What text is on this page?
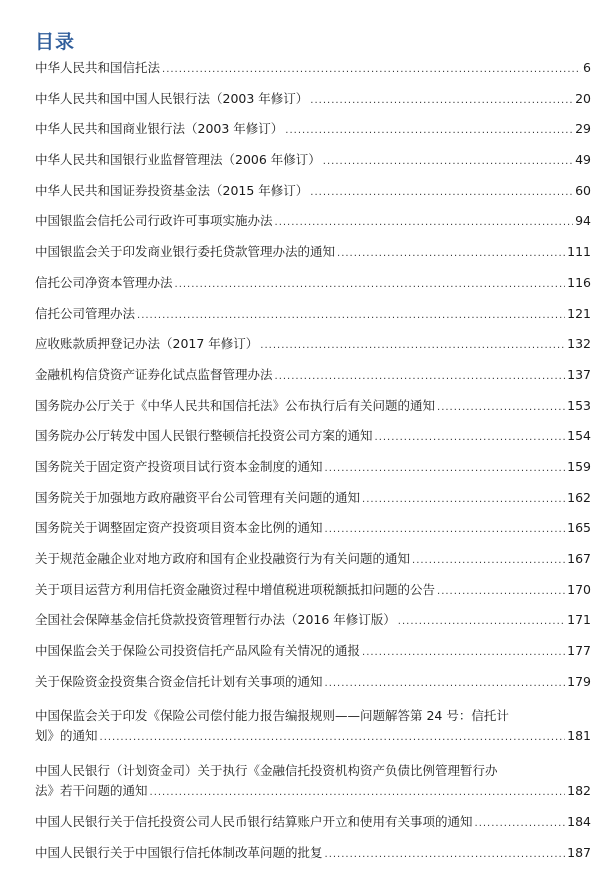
目录
中华人民共和国信托法 .....	6
中华人民共和国中国人民银行法（2003 年修订） .....	20
中华人民共和国商业银行法（2003 年修订） .....	29
中华人民共和国银行业监督管理法（2006 年修订） .....	49
中华人民共和国证券投资基金法（2015 年修订） .....	60
中国银监会信托公司行政许可事项实施办法 .....	94
中国银监会关于印发商业银行委托贷款管理办法的通知 .....	111
信托公司净资本管理办法 .....	116
信托公司管理办法 .....	121
应收账款质押登记办法（2017 年修订） .....	132
金融机构信贷资产证券化试点监督管理办法 .....	137
国务院办公厅关于《中华人民共和国信托法》公布执行后有关问题的通知 .....	153
国务院办公厅转发中国人民银行整顿信托投资公司方案的通知 .....	154
国务院关于固定资产投资项目试行资本金制度的通知 .....	159
国务院关于加强地方政府融资平台公司管理有关问题的通知 .....	162
国务院关于调整固定资产投资项目资本金比例的通知 .....	165
关于规范金融企业对地方政府和国有企业投融资行为有关问题的通知 .....	167
关于项目运营方利用信托资金融资过程中增值税进项税额抵扣问题的公告 .....	170
全国社会保障基金信托贷款投资管理暂行办法（2016 年修订版） .....	171
中国保监会关于保险公司投资信托产品风险有关情况的通报 .....	177
关于保险资金投资集合资金信托计划有关事项的通知 .....	179
中国保监会关于印发《保险公司偿付能力报告编报规则——问题解答第 24 号：信托计
划》的通知 .....	181
中国人民银行（计划资金司）关于执行《金融信托投资机构资产负债比例管理暂行办
法》若干问题的通知 .....	182
中国人民银行关于信托投资公司人民币银行结算账户开立和使用有关事项的通知 .....	184
中国人民银行关于中国银行信托体制改革问题的批复 .....	187
